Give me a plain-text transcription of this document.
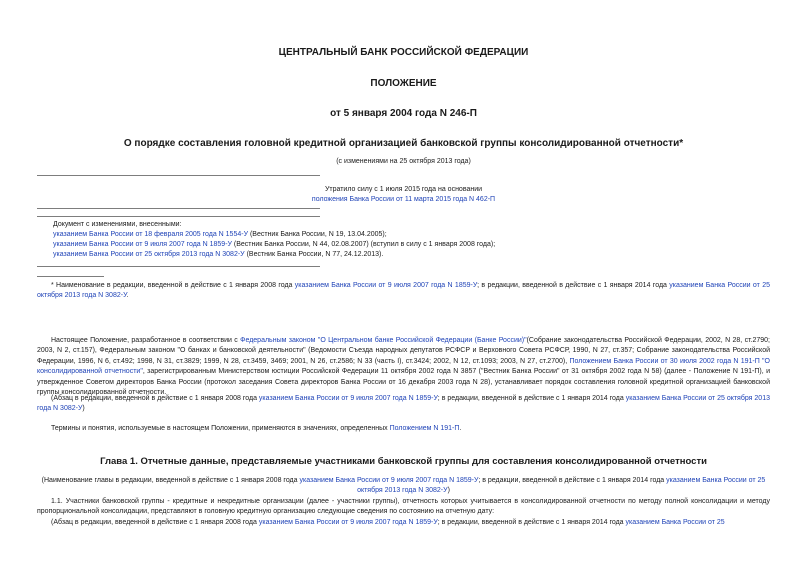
ЦЕНТРАЛЬНЫЙ БАНК РОССИЙСКОЙ ФЕДЕРАЦИИ
ПОЛОЖЕНИЕ
от 5 января 2004 года N 246-П
О порядке составления головной кредитной организацией банковской группы консолидированной отчетности*
(с изменениями на 25 октября 2013 года)
Утратило силу с 1 июля 2015 года на основании
положения Банка России от 11 марта 2015 года N 462-П
Документ с изменениями, внесенными:
указанием Банка России от 18 февраля 2005 года N 1554-У (Вестник Банка России, N 19, 13.04.2005);
указанием Банка России от 9 июля 2007 года N 1859-У (Вестник Банка России, N 44, 02.08.2007) (вступил в силу с 1 января 2008 года);
указанием Банка России от 25 октября 2013 года N 3082-У (Вестник Банка России, N 77, 24.12.2013).
* Наименование в редакции, введенной в действие с 1 января 2008 года указанием Банка России от 9 июля 2007 года N 1859-У; в редакции, введенной в действие с 1 января 2014 года указанием Банка России от 25 октября 2013 года N 3082-У.
Настоящее Положение, разработанное в соответствии с Федеральным законом "О Центральном банке Российской Федерации (Банке России)"(Собрание законодательства Российской Федерации, 2002, N 28, ст.2790; 2003, N 2, ст.157), Федеральным законом "О банках и банковской деятельности" (Ведомости Съезда народных депутатов РСФСР и Верховного Совета РСФСР, 1990, N 27, ст.357; Собрание законодательства Российской Федерации, 1996, N 6, ст.492; 1998, N 31, ст.3829; 1999, N 28, ст.3459, 3469; 2001, N 26, ст.2586; N 33 (часть I), ст.3424; 2002, N 12, ст.1093; 2003, N 27, ст.2700), Положением Банка России от 30 июля 2002 года N 191-П "О консолидированной отчетности", зарегистрированным Министерством юстиции Российской Федерации 11 октября 2002 года N 3857 ("Вестник Банка России" от 31 октября 2002 года N 58) (далее - Положение N 191-П), и утвержденное Советом директоров Банка России (протокол заседания Совета директоров Банка России от 16 декабря 2003 года N 28), устанавливает порядок составления головной кредитной организацией банковской группы консолидированной отчетности.
(Абзац в редакции, введенной в действие с 1 января 2008 года указанием Банка России от 9 июля 2007 года N 1859-У; в редакции, введенной в действие с 1 января 2014 года указанием Банка России от 25 октября 2013 года N 3082-У)
Термины и понятия, используемые в настоящем Положении, применяются в значениях, определенных Положением N 191-П.
Глава 1. Отчетные данные, представляемые участниками банковской группы для составления консолидированной отчетности
(Наименование главы в редакции, введенной в действие с 1 января 2008 года указанием Банка России от 9 июля 2007 года N 1859-У; в редакции, введенной в действие с 1 января 2014 года указанием Банка России от 25 октября 2013 года N 3082-У)
1.1. Участники банковской группы - кредитные и некредитные организации (далее - участники группы), отчетность которых учитывается в консолидированной отчетности по методу полной консолидации и методу пропорциональной консолидации, представляют в головную кредитную организацию следующие сведения по состоянию на отчетную дату:
(Абзац в редакции, введенной в действие с 1 января 2008 года указанием Банка России от 9 июля 2007 года N 1859-У; в редакции, введенной в действие с 1 января 2014 года указанием Банка России от 25
